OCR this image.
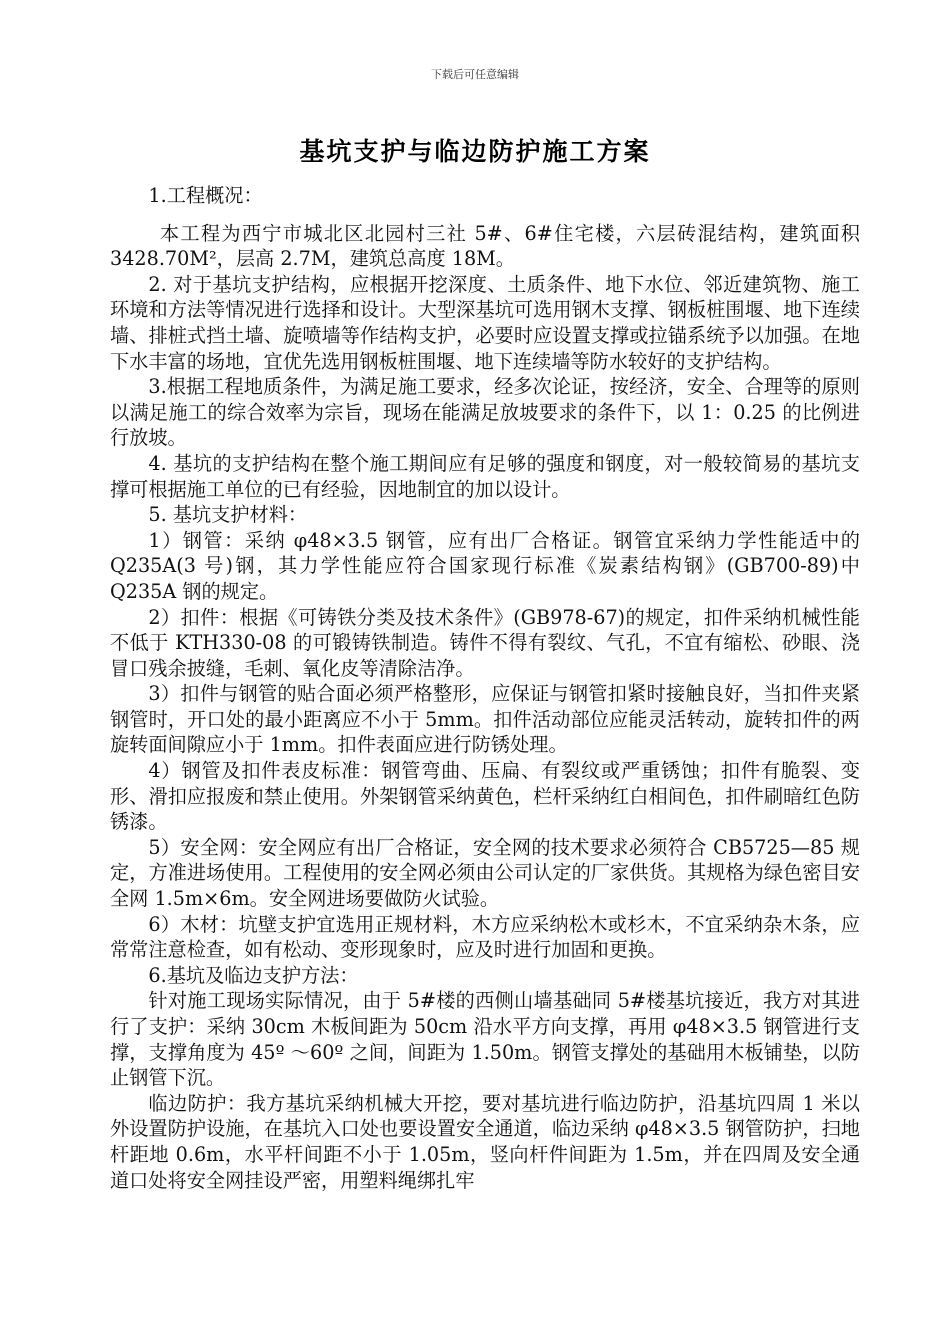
下载后可任意编辑
基坑支护与临边防护施工方案

1.工程概况：

本工程为西宁市城北区北园村三社 5#、6#住宅楼，六层砖混结构，建筑面积 3428.70M²，层高 2.7M，建筑总高度 18M。

2. 对于基坑支护结构，应根据开挖深度、土质条件、地下水位、邻近建筑物、施工环境和方法等情况进行选择和设计。大型深基坑可选用钢木支撑、钢板桩围堰、地下连续墙、排桩式挡土墙、旋喷墙等作结构支护，必要时应设置支撑或拉锚系统予以加强。在地下水丰富的场地，宜优先选用钢板桩围堰、地下连续墙等防水较好的支护结构。

3.根据工程地质条件，为满足施工要求，经多次论证，按经济，安全、合理等的原则以满足施工的综合效率为宗旨，现场在能满足放坡要求的条件下，以 1：0.25 的比例进行放坡。

4. 基坑的支护结构在整个施工期间应有足够的强度和钢度，对一般较简易的基坑支撑可根据施工单位的已有经验，因地制宜的加以设计。

5. 基坑支护材料：

1）钢管：采纳 φ48×3.5 钢管，应有出厂合格证。钢管宜采纳力学性能适中的 Q235A(3 号)钢，其力学性能应符合国家现行标准《炭素结构钢》(GB700-89)中 Q235A 钢的规定。

2）扣件：根据《可铸铁分类及技术条件》(GB978-67)的规定，扣件采纳机械性能不低于 KTH330-08 的可锻铸铁制造。铸件不得有裂纹、气孔，不宜有缩松、砂眼、浇冒口残余披缝，毛刺、氧化皮等清除洁净。

3）扣件与钢管的贴合面必须严格整形，应保证与钢管扣紧时接触良好，当扣件夹紧钢管时，开口处的最小距离应不小于 5mm。扣件活动部位应能灵活转动，旋转扣件的两旋转面间隙应小于 1mm。扣件表面应进行防锈处理。

4）钢管及扣件表皮标准：钢管弯曲、压扁、有裂纹或严重锈蚀；扣件有脆裂、变形、滑扣应报废和禁止使用。外架钢管采纳黄色，栏杆采纳红白相间色，扣件刷暗红色防锈漆。

5）安全网：安全网应有出厂合格证，安全网的技术要求必须符合 CB5725—85 规定，方准进场使用。工程使用的安全网必须由公司认定的厂家供货。其规格为绿色密目安全网 1.5m×6m。安全网进场要做防火试验。

6）木材：坑壁支护宜选用正规材料，木方应采纳松木或杉木，不宜采纳杂木条，应常常注意检查，如有松动、变形现象时，应及时进行加固和更换。

6.基坑及临边支护方法：

针对施工现场实际情况，由于 5#楼的西侧山墙基础同 5#楼基坑接近，我方对其进行了支护：采纳 30cm 木板间距为 50cm 沿水平方向支撑，再用 φ48×3.5 钢管进行支撑，支撑角度为 45º ～60º 之间，间距为 1.50m。钢管支撑处的基础用木板铺垫，以防止钢管下沉。

临边防护：我方基坑采纳机械大开挖，要对基坑进行临边防护，沿基坑四周 1 米以外设置防护设施，在基坑入口处也要设置安全通道，临边采纳 φ48×3.5 钢管防护，扫地杆距地 0.6m，水平杆间距不小于 1.05m，竖向杆件间距为 1.5m，并在四周及安全通道口处将安全网挂设严密，用塑料绳绑扎牢
